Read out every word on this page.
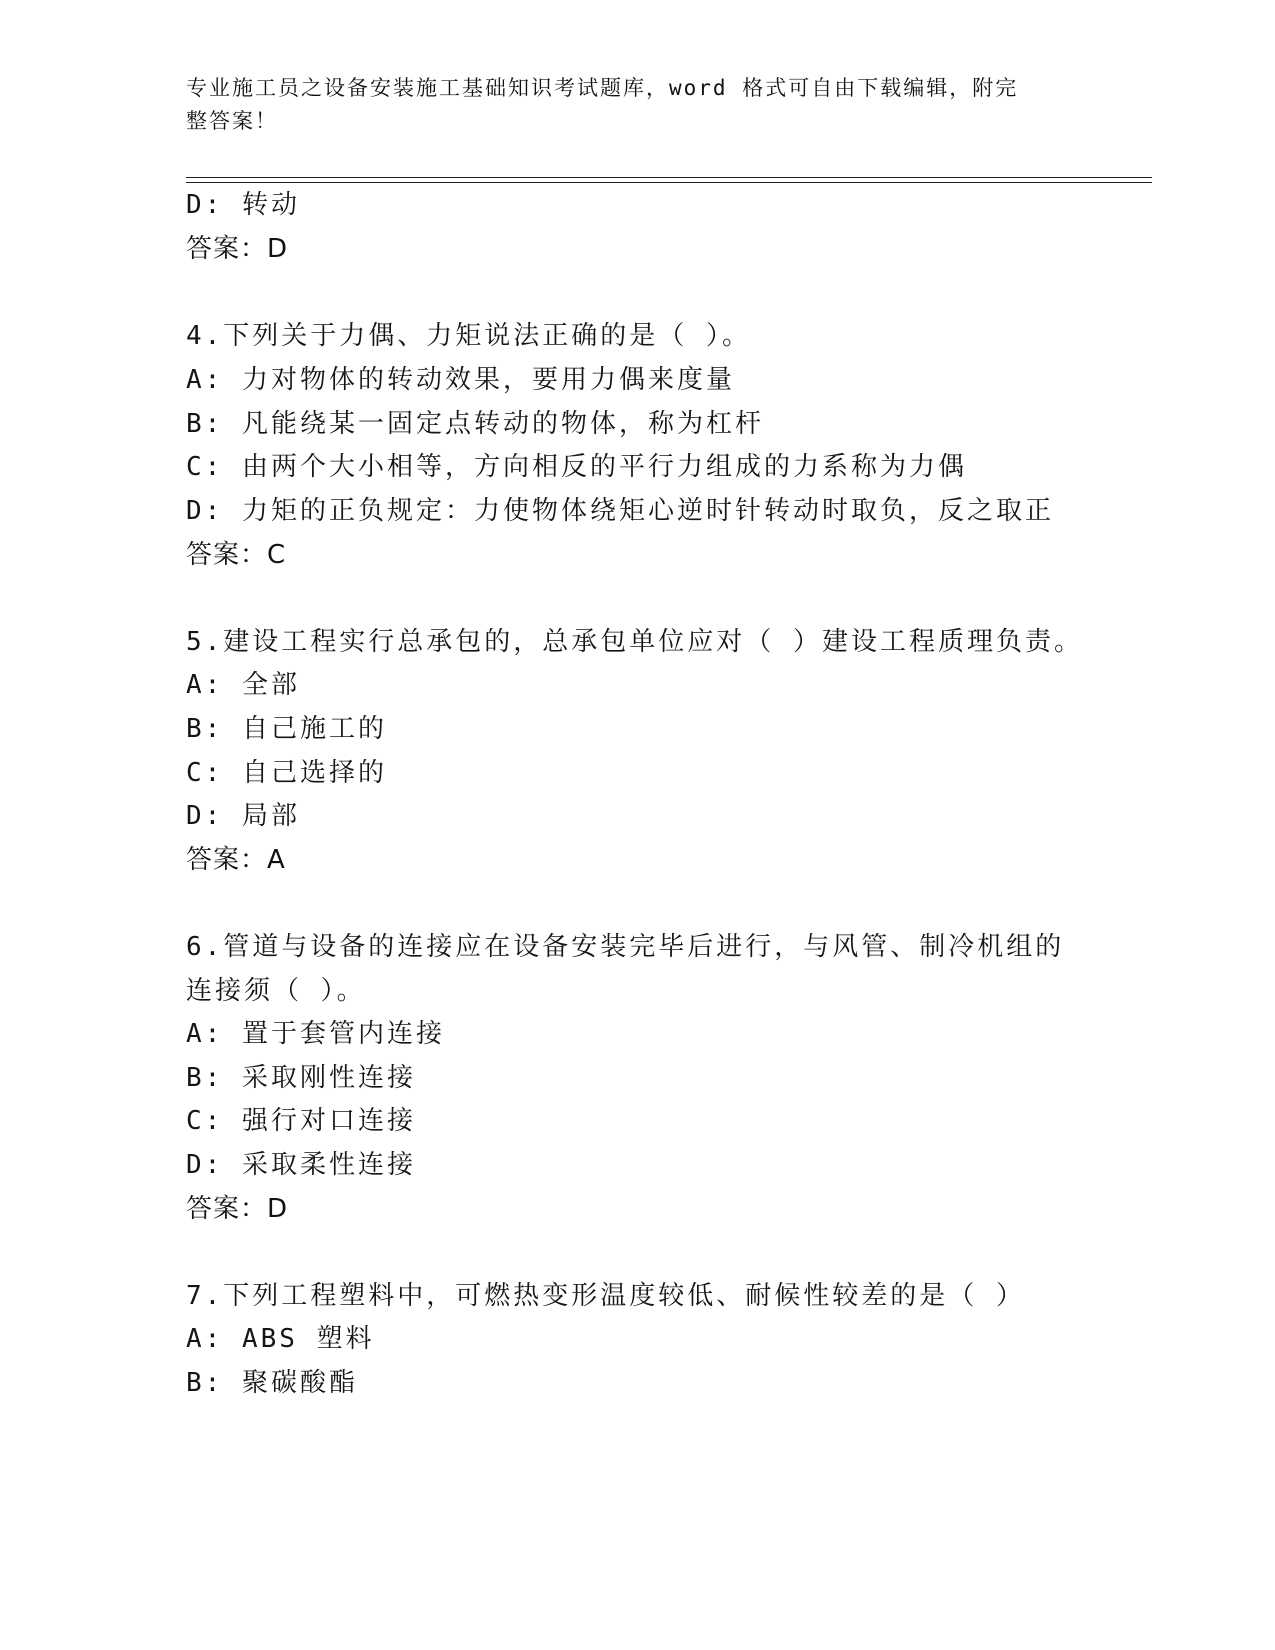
专业施工员之设备安装施工基础知识考试题库，word 格式可自由下载编辑，附完
整答案！
D: 转动
答案：D
4.下列关于力偶、力矩说法正确的是（ ）。
A: 力对物体的转动效果，要用力偶来度量
B: 凡能绕某一固定点转动的物体，称为杠杆
C: 由两个大小相等，方向相反的平行力组成的力系称为力偶
D: 力矩的正负规定：力使物体绕矩心逆时针转动时取负，反之取正
答案：C
5.建设工程实行总承包的，总承包单位应对（ ）建设工程质理负责。
A: 全部
B: 自己施工的
C: 自己选择的
D: 局部
答案：A
6.管道与设备的连接应在设备安装完毕后进行，与风管、制冷机组的
连接须（ ）。
A: 置于套管内连接
B: 采取刚性连接
C: 强行对口连接
D: 采取柔性连接
答案：D
7.下列工程塑料中，可燃热变形温度较低、耐候性较差的是（ ）
A: ABS 塑料
B: 聚碳酸酯
